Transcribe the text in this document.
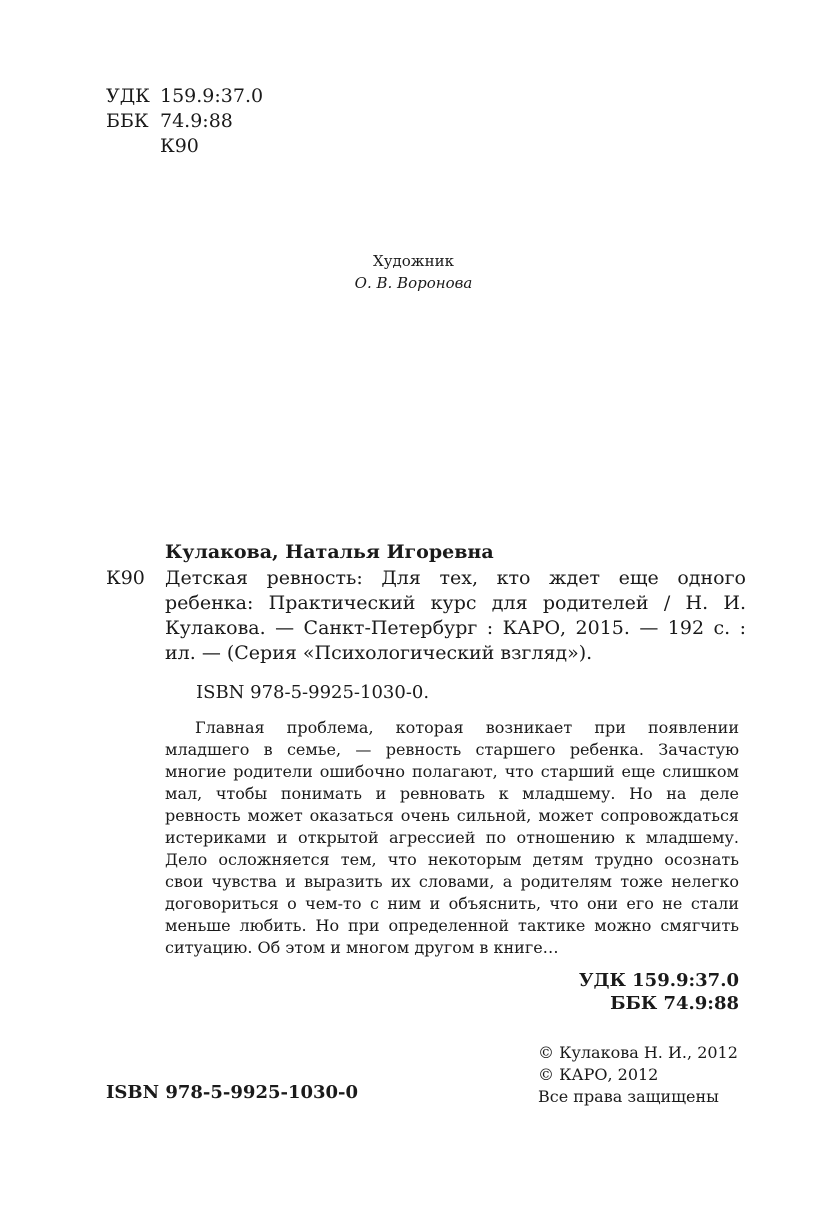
УДК 159.9:37.0
ББК 74.9:88
К90
Художник
О. В. Воронова
Кулакова, Наталья Игоревна
К90 Детская ревность: Для тех, кто ждет еще одного ребенка: Практический курс для родителей / Н. И. Кулакова. — Санкт-Петербург : КАРО, 2015. — 192 с. : ил. — (Серия «Психологический взгляд»).
ISBN 978-5-9925-1030-0.
Главная проблема, которая возникает при появлении младшего в семье, — ревность старшего ребенка. Зачастую многие родители ошибочно полагают, что старший еще слишком мал, чтобы понимать и ревновать к младшему. Но на деле ревность может оказаться очень сильной, может сопровождаться истериками и открытой агрессией по отношению к младшему. Дело осложняется тем, что некоторым детям трудно осознать свои чувства и выразить их словами, а родителям тоже нелегко договориться о чем-то с ним и объяснить, что они его не стали меньше любить. Но при определенной тактике можно смягчить ситуацию. Об этом и многом другом в книге…
УДК 159.9:37.0
ББК 74.9:88
© Кулакова Н. И., 2012
© КАРО, 2012
Все права защищены
ISBN 978-5-9925-1030-0
